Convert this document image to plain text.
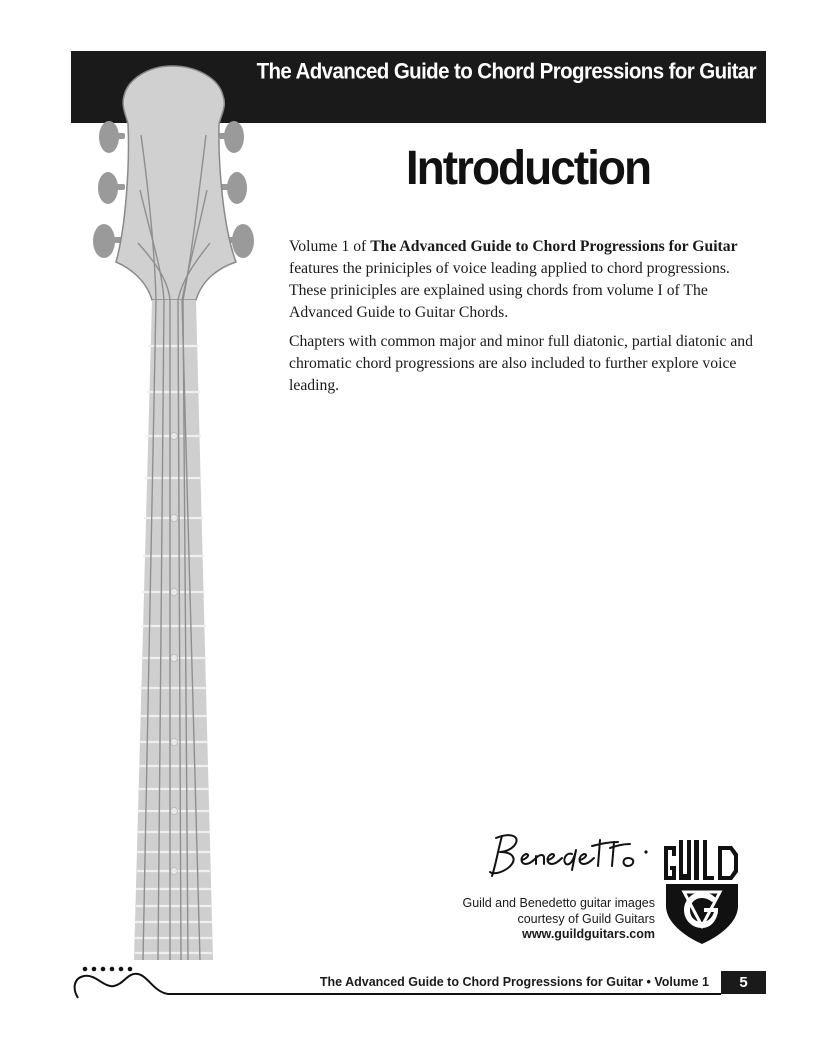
The Advanced Guide to Chord Progressions for Guitar
Introduction

Volume 1 of The Advanced Guide to Chord Progressions for Guitar features the priniciples of voice leading applied to chord progressions. These priniciples are explained using chords from volume I of The Advanced Guide to Guitar Chords.

Chapters with common major and minor full diatonic, partial diatonic and chromatic chord progressions are also included to further explore voice leading.

Guild and Benedetto guitar images
courtesy of Guild Guitars
www.guildguitars.com
The Advanced Guide to Chord Progressions for Guitar • Volume 1	5
